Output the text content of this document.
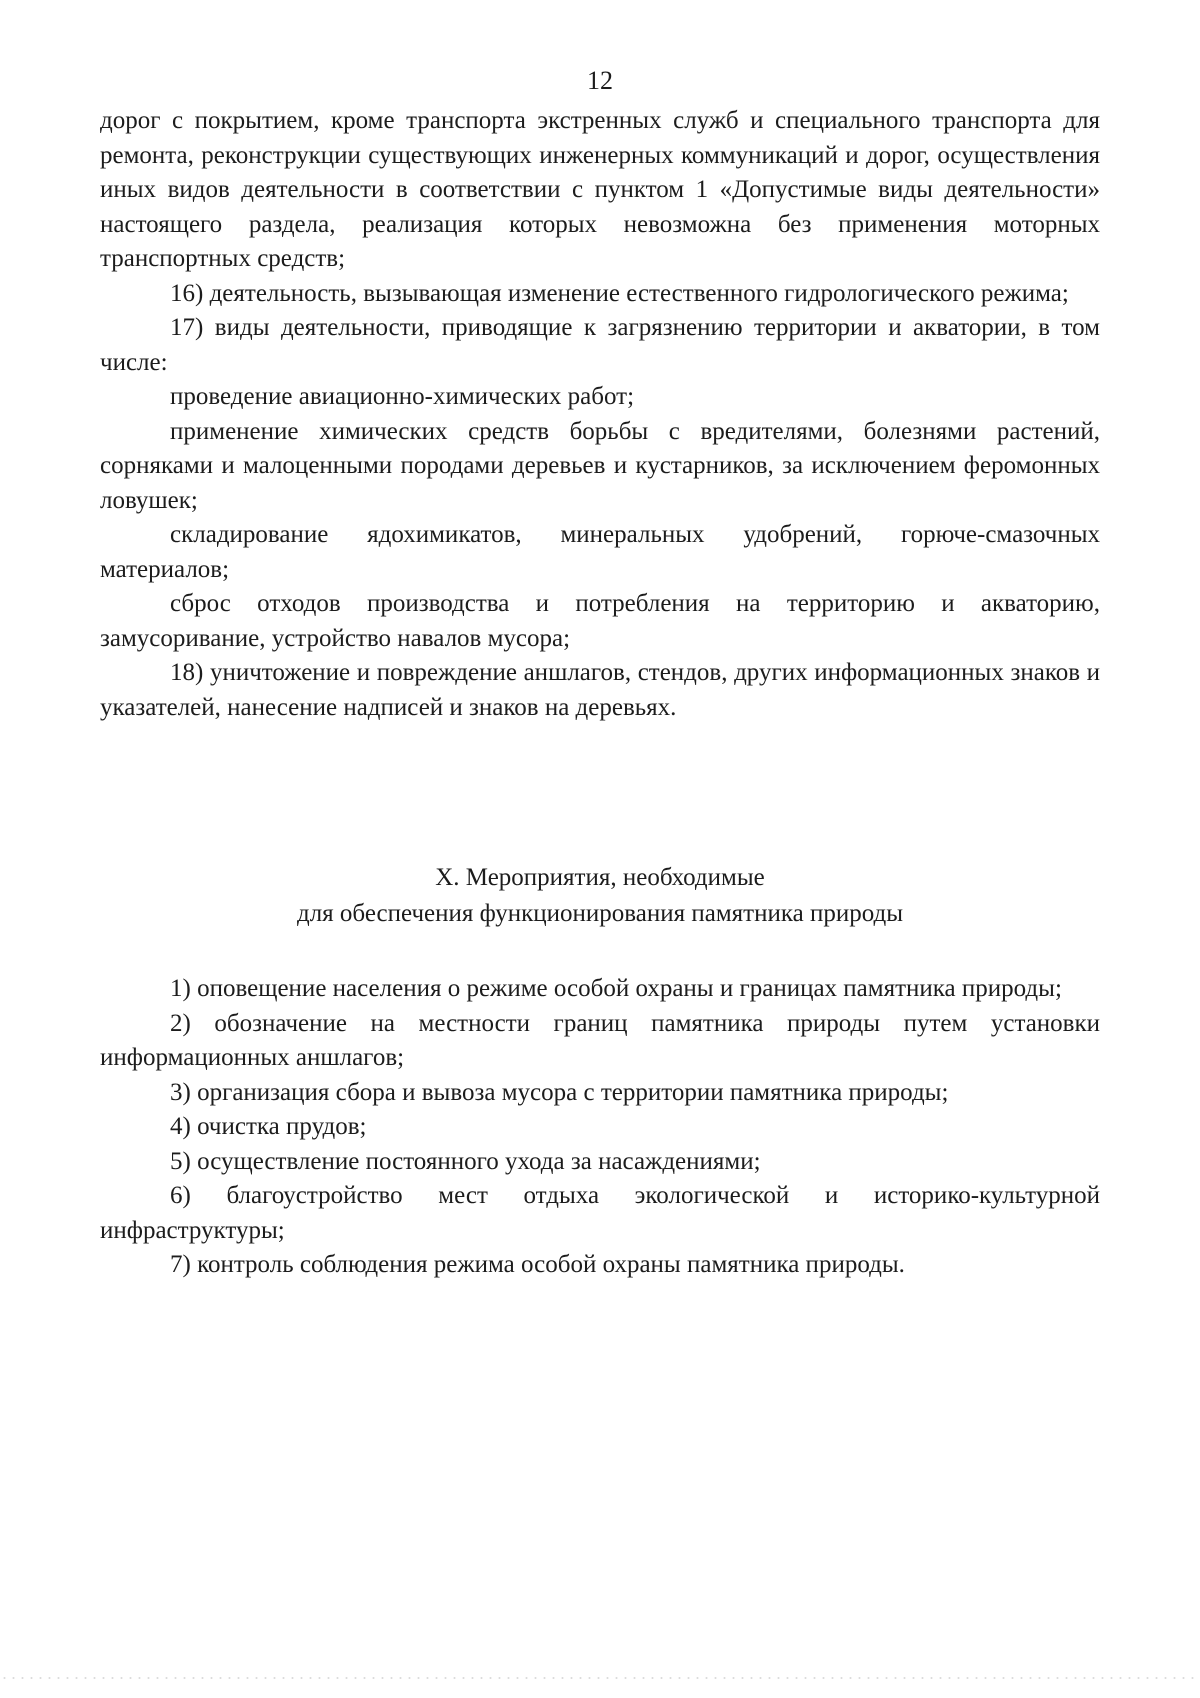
12

дорог с покрытием, кроме транспорта экстренных служб и специального транспорта для ремонта, реконструкции существующих инженерных коммуникаций и дорог, осуществления иных видов деятельности в соответствии с пунктом 1 «Допустимые виды деятельности» настоящего раздела, реализация которых невозможна без применения моторных транспортных средств;

16) деятельность, вызывающая изменение естественного гидрологического режима;

17) виды деятельности, приводящие к загрязнению территории и акватории, в том числе:

проведение авиационно-химических работ;

применение химических средств борьбы с вредителями, болезнями растений, сорняками и малоценными породами деревьев и кустарников, за исключением феромонных ловушек;

складирование ядохимикатов, минеральных удобрений, горюче-смазочных материалов;

сброс отходов производства и потребления на территорию и акваторию, замусоривание, устройство навалов мусора;

18) уничтожение и повреждение аншлагов, стендов, других информационных знаков и указателей, нанесение надписей и знаков на деревьях.

X. Мероприятия, необходимые
для обеспечения функционирования памятника природы

1) оповещение населения о режиме особой охраны и границах памятника природы;

2) обозначение на местности границ памятника природы путем установки информационных аншлагов;

3) организация сбора и вывоза мусора с территории памятника природы;

4) очистка прудов;

5) осуществление постоянного ухода за насаждениями;

6) благоустройство мест отдыха экологической и историко-культурной инфраструктуры;

7) контроль соблюдения режима особой охраны памятника природы.
